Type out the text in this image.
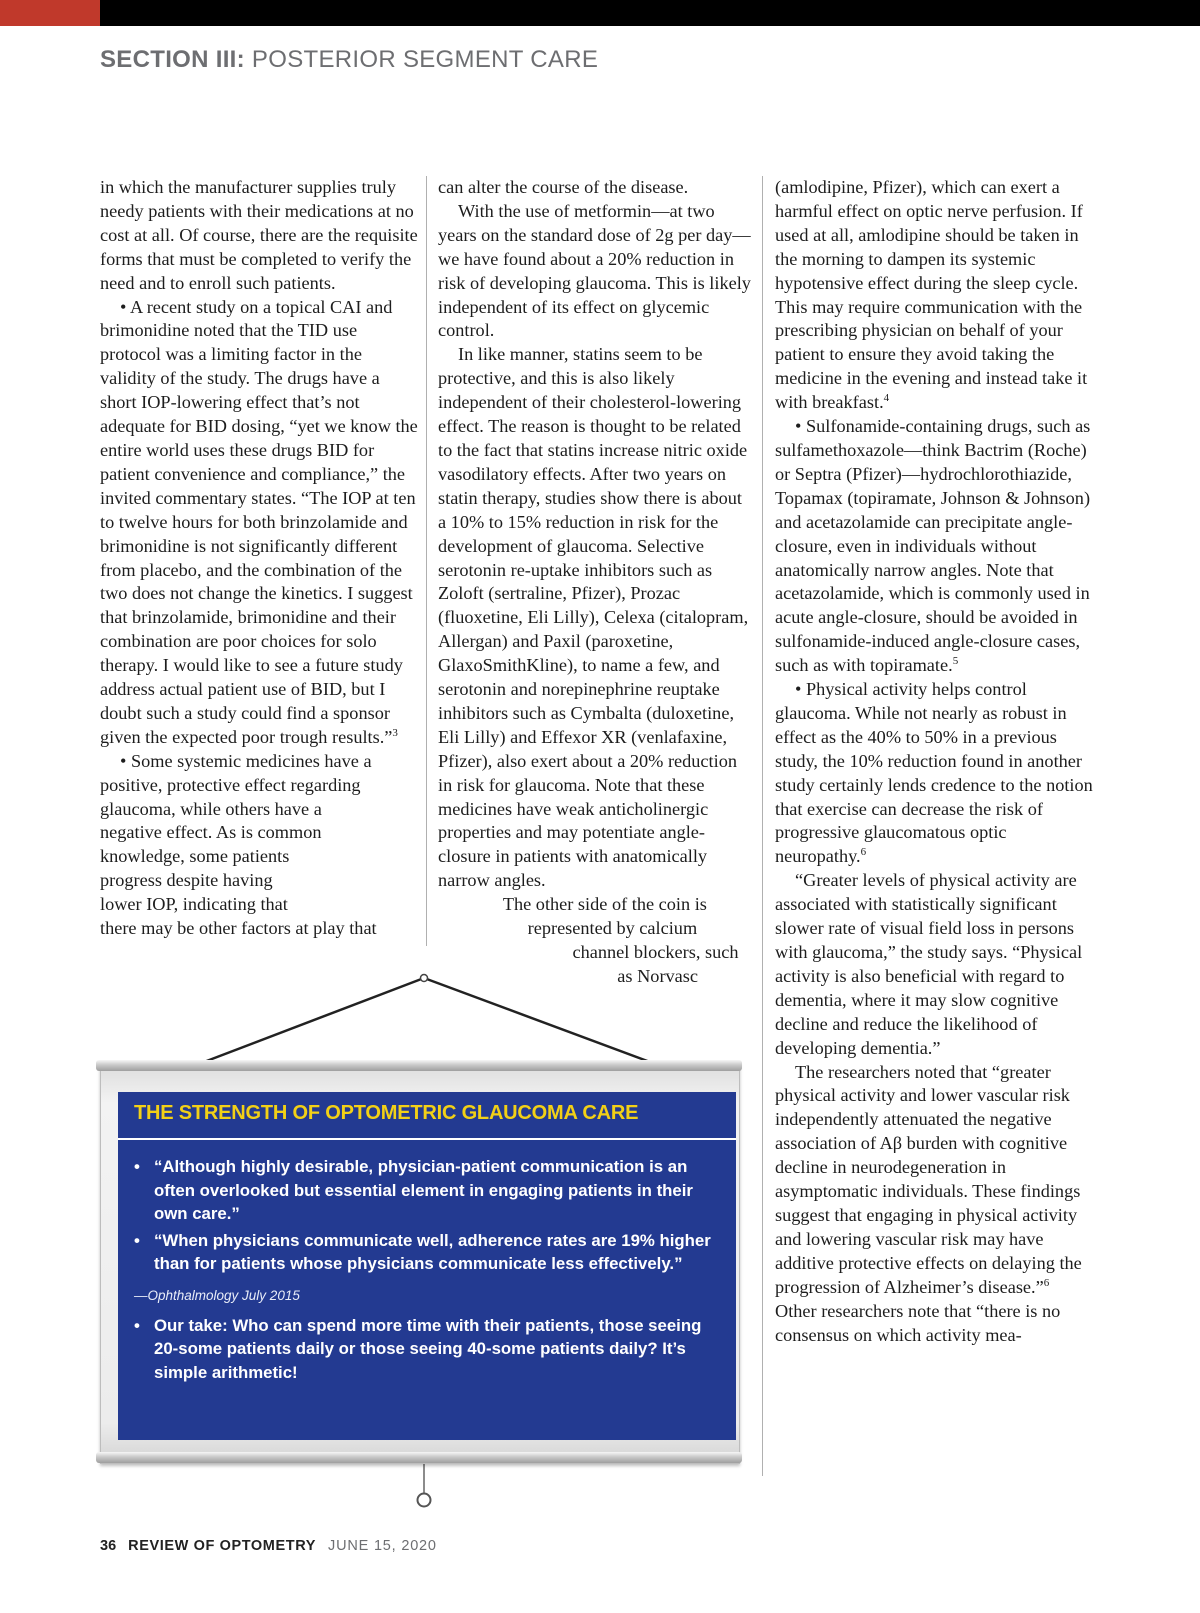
SECTION III: POSTERIOR SEGMENT CARE

in which the manufacturer supplies truly needy patients with their medications at no cost at all. Of course, there are the requisite forms that must be completed to verify the need and to enroll such patients.

• A recent study on a topical CAI and brimonidine noted that the TID use protocol was a limiting factor in the validity of the study. The drugs have a short IOP-lowering effect that’s not adequate for BID dosing, “yet we know the entire world uses these drugs BID for patient convenience and compliance,” the invited commentary states. “The IOP at ten to twelve hours for both brinzolamide and brimonidine is not significantly different from placebo, and the combination of the two does not change the kinetics. I suggest that brinzolamide, brimonidine and their combination are poor choices for solo therapy. I would like to see a future study address actual patient use of BID, but I doubt such a study could find a sponsor given the expected poor trough results.”$^3$

• Some systemic medicines have a positive, protective effect regarding glaucoma, while others have a negative effect. As is common knowledge, some patients progress despite having lower IOP, indicating that there may be other factors at play that

can alter the course of the disease.

With the use of metformin—at two years on the standard dose of 2g per day—we have found about a 20% reduction in risk of developing glaucoma. This is likely independent of its effect on glycemic control.

In like manner, statins seem to be protective, and this is also likely independent of their cholesterol-lowering effect. The reason is thought to be related to the fact that statins increase nitric oxide vasodilatory effects. After two years on statin therapy, studies show there is about a 10% to 15% reduction in risk for the development of glaucoma. Selective serotonin re-uptake inhibitors such as Zoloft (sertraline, Pfizer), Prozac (fluoxetine, Eli Lilly), Celexa (citalopram, Allergan) and Paxil (paroxetine, GlaxoSmithKline), to name a few, and serotonin and norepinephrine reuptake inhibitors such as Cymbalta (duloxetine, Eli Lilly) and Effexor XR (venlafaxine, Pfizer), also exert about a 20% reduction in risk for glaucoma. Note that these medicines have weak anticholinergic properties and may potentiate angle-closure in patients with anatomically narrow angles.

The other side of the coin is represented by calcium channel blockers, such as Norvasc

(amlodipine, Pfizer), which can exert a harmful effect on optic nerve perfusion. If used at all, amlodipine should be taken in the morning to dampen its systemic hypotensive effect during the sleep cycle. This may require communication with the prescribing physician on behalf of your patient to ensure they avoid taking the medicine in the evening and instead take it with breakfast.$^4$

• Sulfonamide-containing drugs, such as sulfamethoxazole—think Bactrim (Roche) or Septra (Pfizer)—hydrochlorothiazide, Topamax (topiramate, Johnson & Johnson) and acetazolamide can precipitate angle-closure, even in individuals without anatomically narrow angles. Note that acetazolamide, which is commonly used in acute angle-closure, should be avoided in sulfonamide-induced angle-closure cases, such as with topiramate.$^5$

• Physical activity helps control glaucoma. While not nearly as robust in effect as the 40% to 50% in a previous study, the 10% reduction found in another study certainly lends credence to the notion that exercise can decrease the risk of progressive glaucomatous optic neuropathy.$^6$

“Greater levels of physical activity are associated with statistically significant slower rate of visual field loss in persons with glaucoma,” the study says. “Physical activity is also beneficial with regard to dementia, where it may slow cognitive decline and reduce the likelihood of developing dementia.”

The researchers noted that “greater physical activity and lower vascular risk independently attenuated the negative association of Aβ burden with cognitive decline in neurodegeneration in asymptomatic individuals. These findings suggest that engaging in physical activity and lowering vascular risk may have additive protective effects on delaying the progression of Alzheimer’s disease.”$^6$

Other researchers note that “there is no consensus on which activity mea-

THE STRENGTH OF OPTOMETRIC GLAUCOMA CARE
• “Although highly desirable, physician-patient communication is an often overlooked but essential element in engaging patients in their own care.”
• “When physicians communicate well, adherence rates are 19% higher than for patients whose physicians communicate less effectively.”
—Ophthalmology July 2015
• Our take: Who can spend more time with their patients, those seeing 20-some patients daily or those seeing 40-some patients daily? It’s simple arithmetic!
36 REVIEW OF OPTOMETRY JUNE 15, 2020
